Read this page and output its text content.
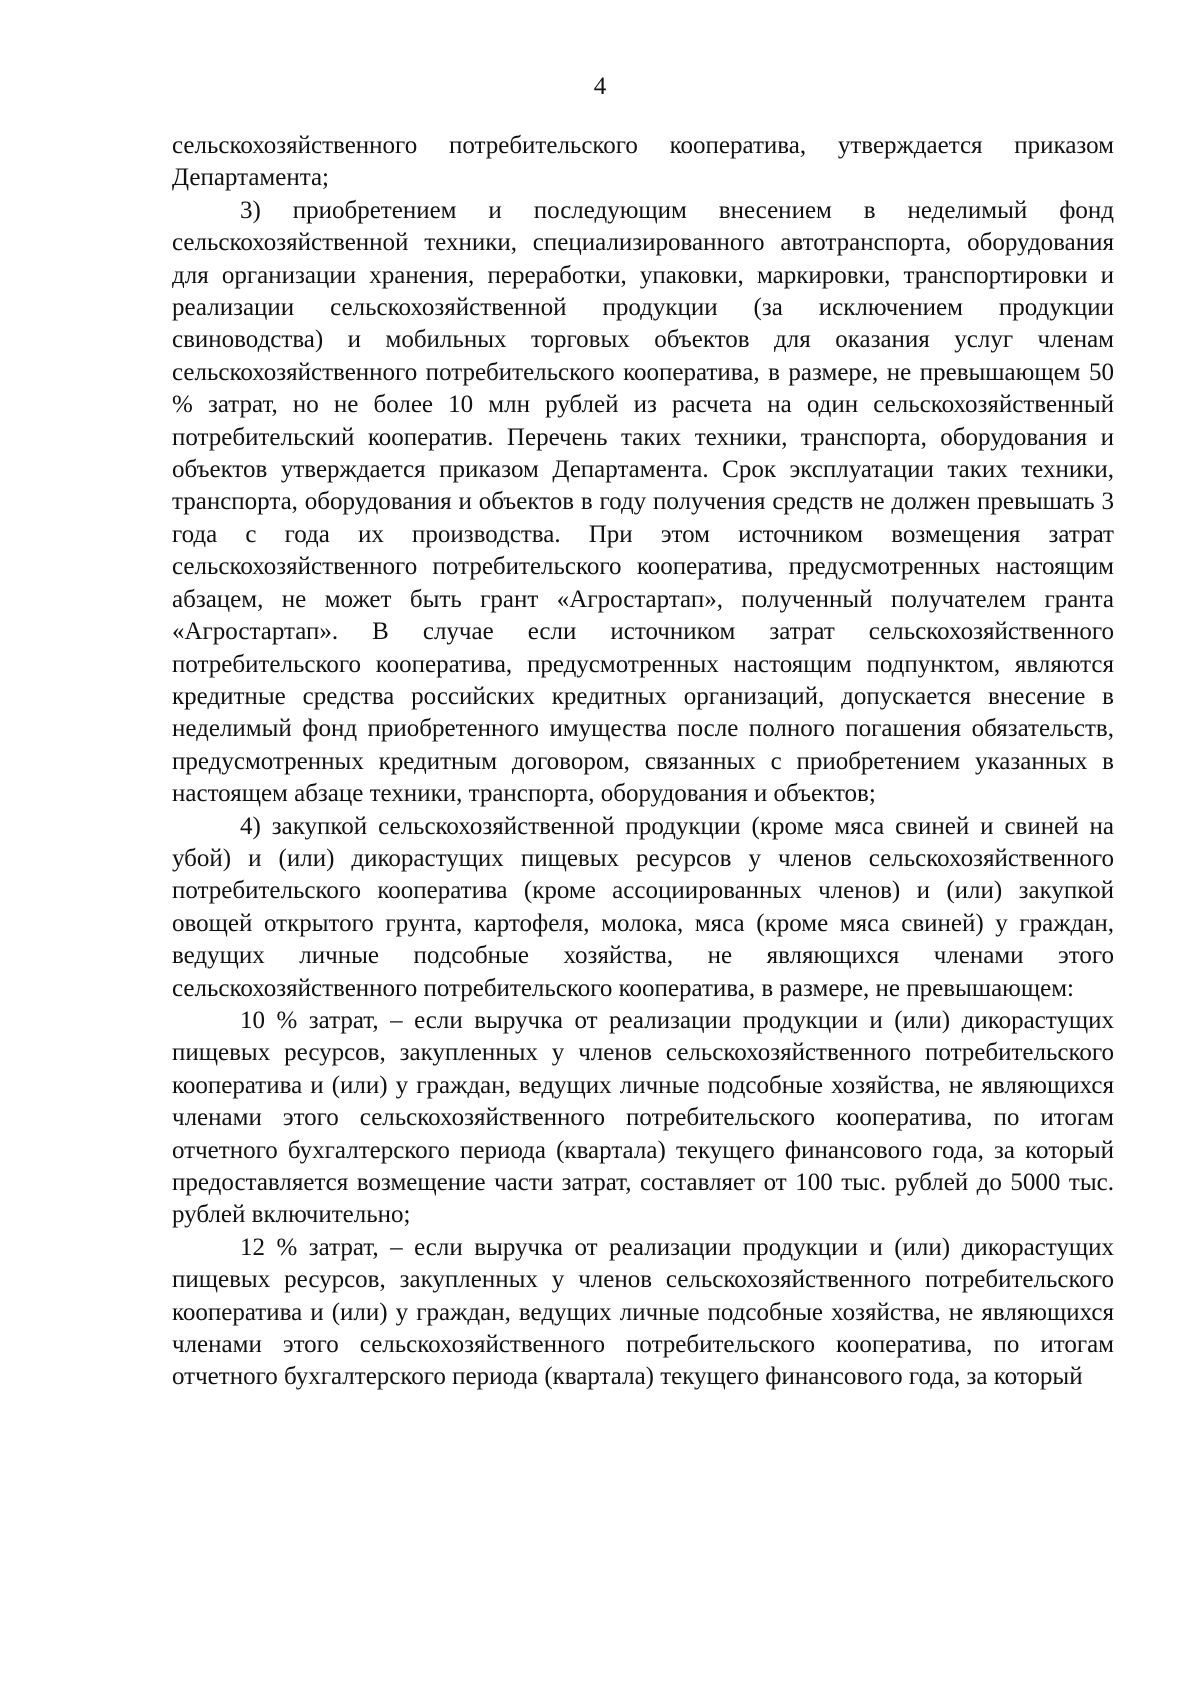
4

сельскохозяйственного потребительского кооператива, утверждается приказом Департамента;

3) приобретением и последующим внесением в неделимый фонд сельскохозяйственной техники, специализированного автотранспорта, оборудования для организации хранения, переработки, упаковки, маркировки, транспортировки и реализации сельскохозяйственной продукции (за исключением продукции свиноводства) и мобильных торговых объектов для оказания услуг членам сельскохозяйственного потребительского кооператива, в размере, не превышающем 50 % затрат, но не более 10 млн рублей из расчета на один сельскохозяйственный потребительский кооператив. Перечень таких техники, транспорта, оборудования и объектов утверждается приказом Департамента. Срок эксплуатации таких техники, транспорта, оборудования и объектов в году получения средств не должен превышать 3 года с года их производства. При этом источником возмещения затрат сельскохозяйственного потребительского кооператива, предусмотренных настоящим абзацем, не может быть грант «Агростартап», полученный получателем гранта «Агростартап». В случае если источником затрат сельскохозяйственного потребительского кооператива, предусмотренных настоящим подпунктом, являются кредитные средства российских кредитных организаций, допускается внесение в неделимый фонд приобретенного имущества после полного погашения обязательств, предусмотренных кредитным договором, связанных с приобретением указанных в настоящем абзаце техники, транспорта, оборудования и объектов;

4) закупкой сельскохозяйственной продукции (кроме мяса свиней и свиней на убой) и (или) дикорастущих пищевых ресурсов у членов сельскохозяйственного потребительского кооператива (кроме ассоциированных членов) и (или) закупкой овощей открытого грунта, картофеля, молока, мяса (кроме мяса свиней) у граждан, ведущих личные подсобные хозяйства, не являющихся членами этого сельскохозяйственного потребительского кооператива, в размере, не превышающем:

10 % затрат, – если выручка от реализации продукции и (или) дикорастущих пищевых ресурсов, закупленных у членов сельскохозяйственного потребительского кооператива и (или) у граждан, ведущих личные подсобные хозяйства, не являющихся членами этого сельскохозяйственного потребительского кооператива, по итогам отчетного бухгалтерского периода (квартала) текущего финансового года, за который предоставляется возмещение части затрат, составляет от 100 тыс. рублей до 5000 тыс. рублей включительно;

12 % затрат, – если выручка от реализации продукции и (или) дикорастущих пищевых ресурсов, закупленных у членов сельскохозяйственного потребительского кооператива и (или) у граждан, ведущих личные подсобные хозяйства, не являющихся членами этого сельскохозяйственного потребительского кооператива, по итогам отчетного бухгалтерского периода (квартала) текущего финансового года, за который
